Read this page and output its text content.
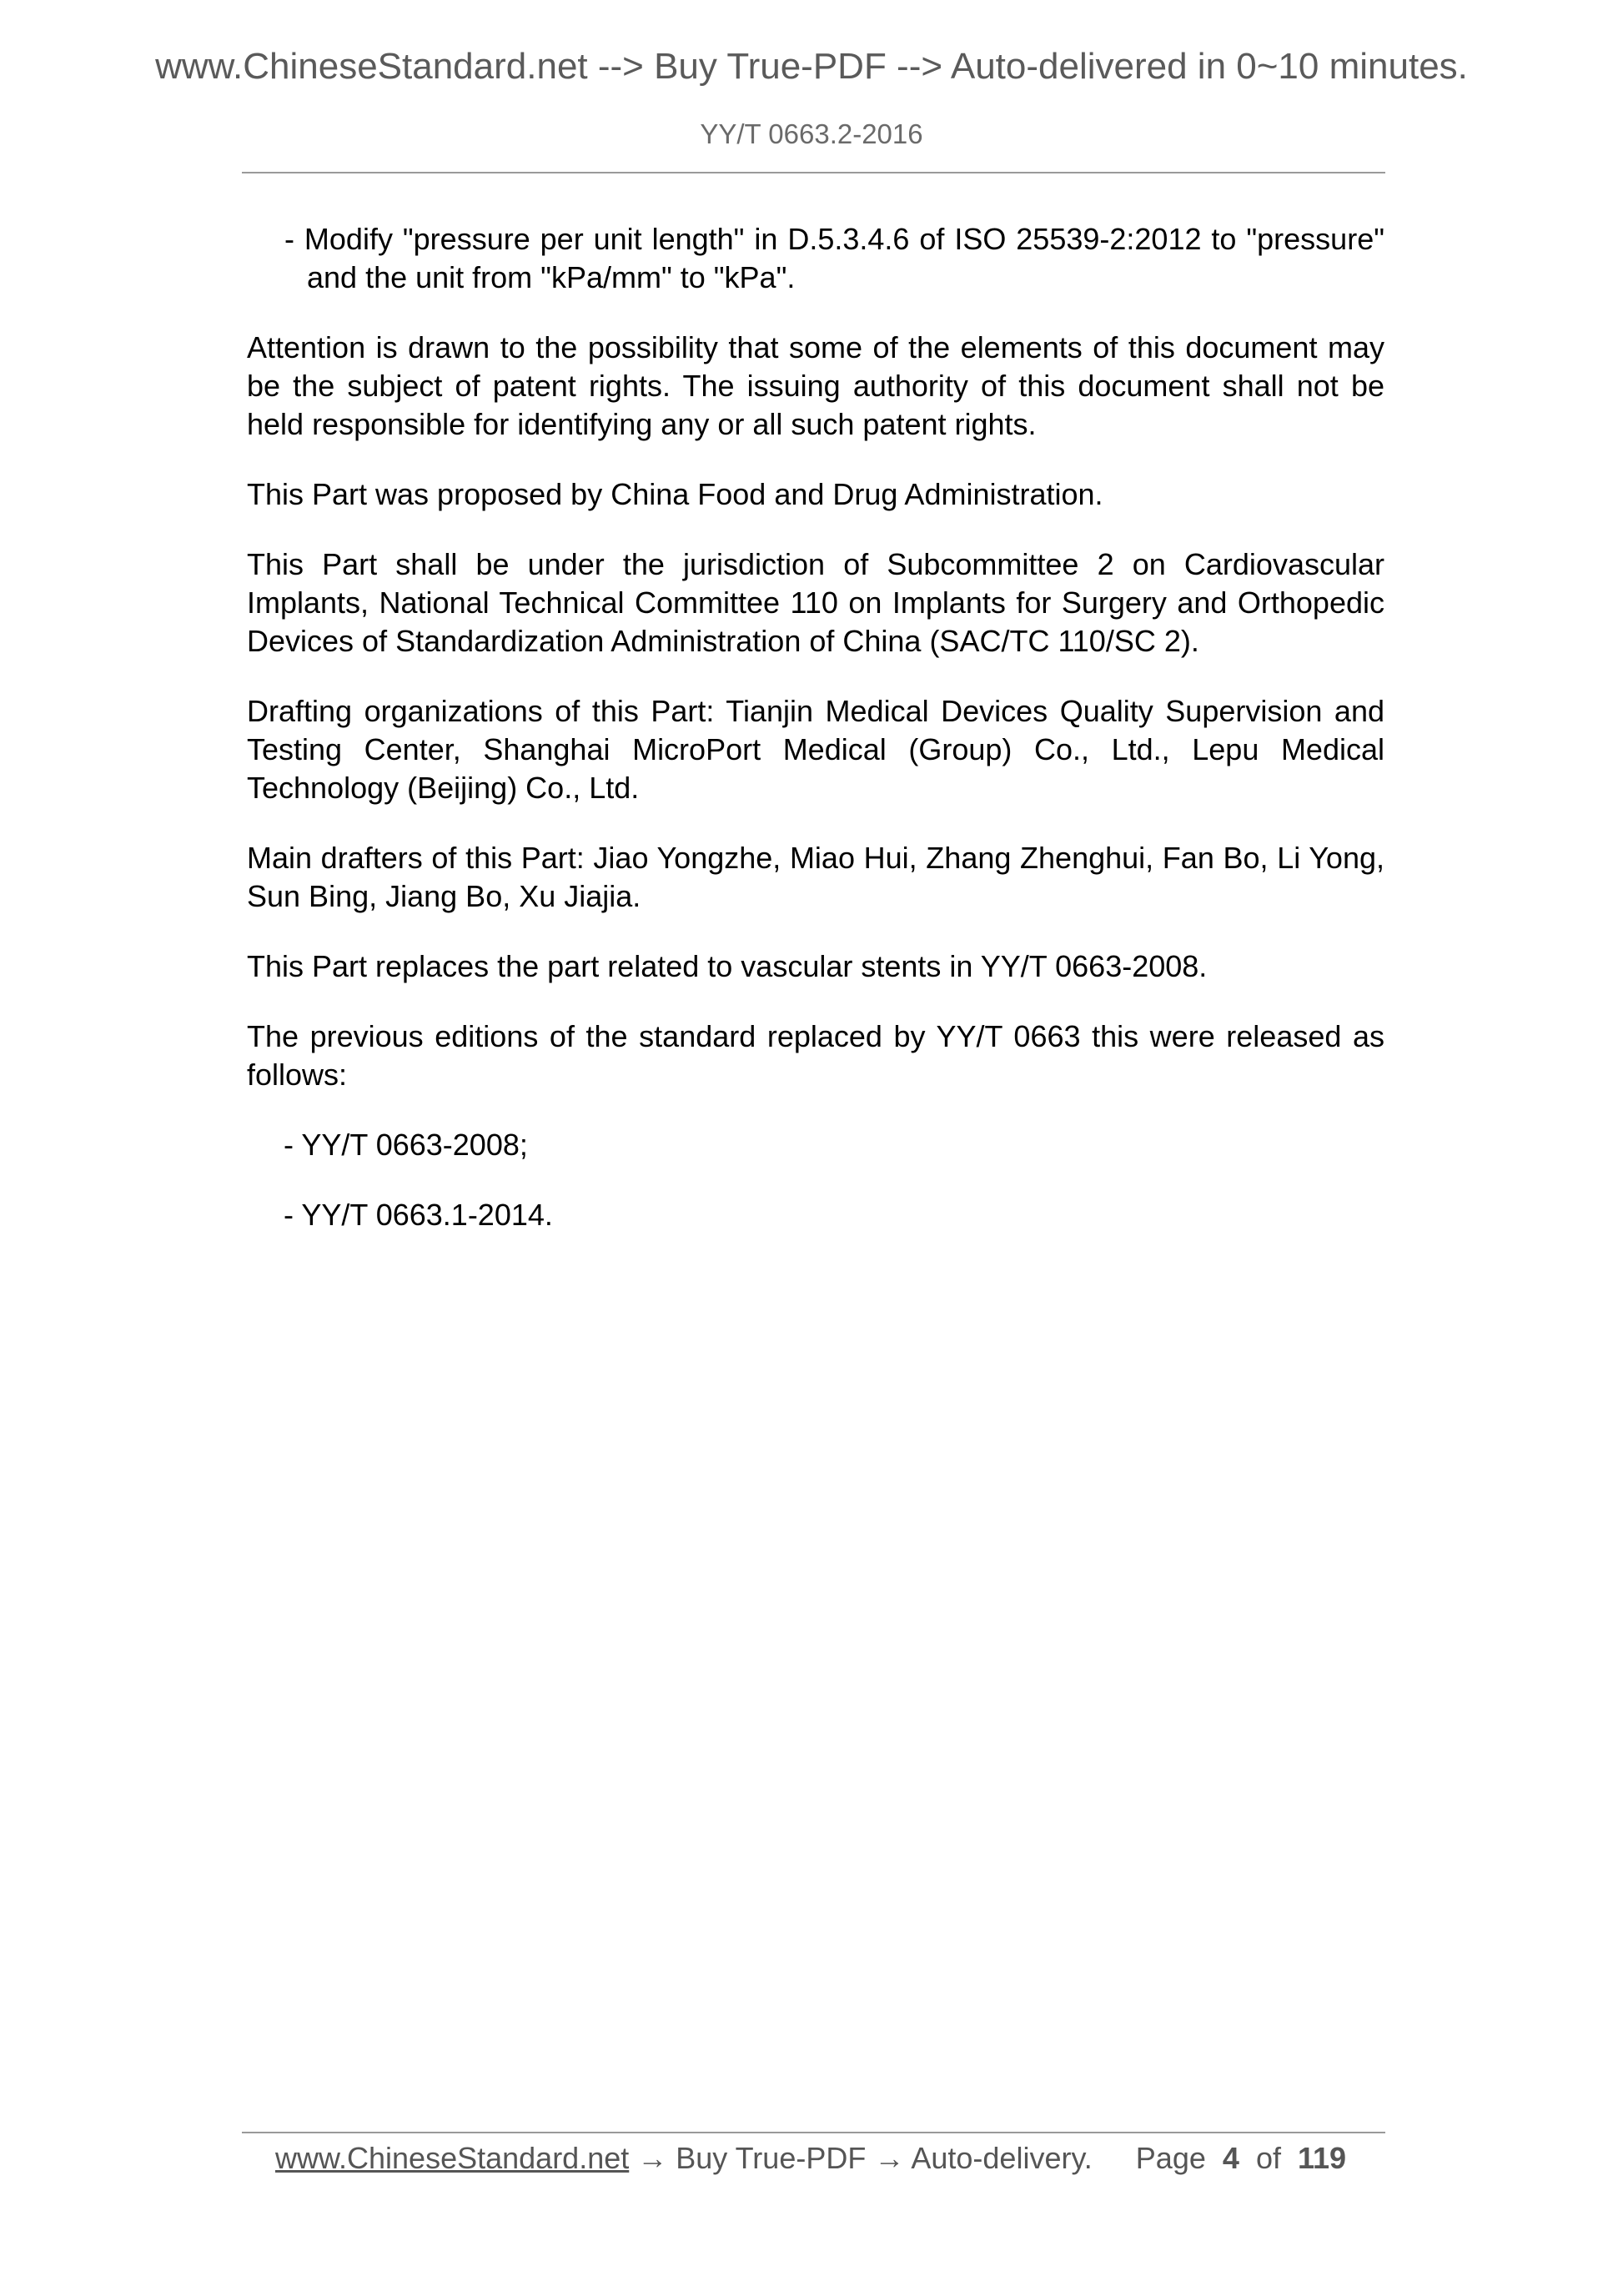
www.ChineseStandard.net --> Buy True-PDF --> Auto-delivered in 0~10 minutes.
YY/T 0663.2-2016

- Modify "pressure per unit length" in D.5.3.4.6 of ISO 25539-2:2012 to "pressure" and the unit from "kPa/mm" to "kPa".

Attention is drawn to the possibility that some of the elements of this document may be the subject of patent rights. The issuing authority of this document shall not be held responsible for identifying any or all such patent rights.

This Part was proposed by China Food and Drug Administration.

This Part shall be under the jurisdiction of Subcommittee 2 on Cardiovascular Implants, National Technical Committee 110 on Implants for Surgery and Orthopedic Devices of Standardization Administration of China (SAC/TC 110/SC 2).

Drafting organizations of this Part: Tianjin Medical Devices Quality Supervision and Testing Center, Shanghai MicroPort Medical (Group) Co., Ltd., Lepu Medical Technology (Beijing) Co., Ltd.

Main drafters of this Part: Jiao Yongzhe, Miao Hui, Zhang Zhenghui, Fan Bo, Li Yong, Sun Bing, Jiang Bo, Xu Jiajia.

This Part replaces the part related to vascular stents in YY/T 0663-2008.

The previous editions of the standard replaced by YY/T 0663 this were released as follows:

- YY/T 0663-2008;

- YY/T 0663.1-2014.

www.ChineseStandard.net → Buy True-PDF → Auto-delivery. Page 4 of 119
